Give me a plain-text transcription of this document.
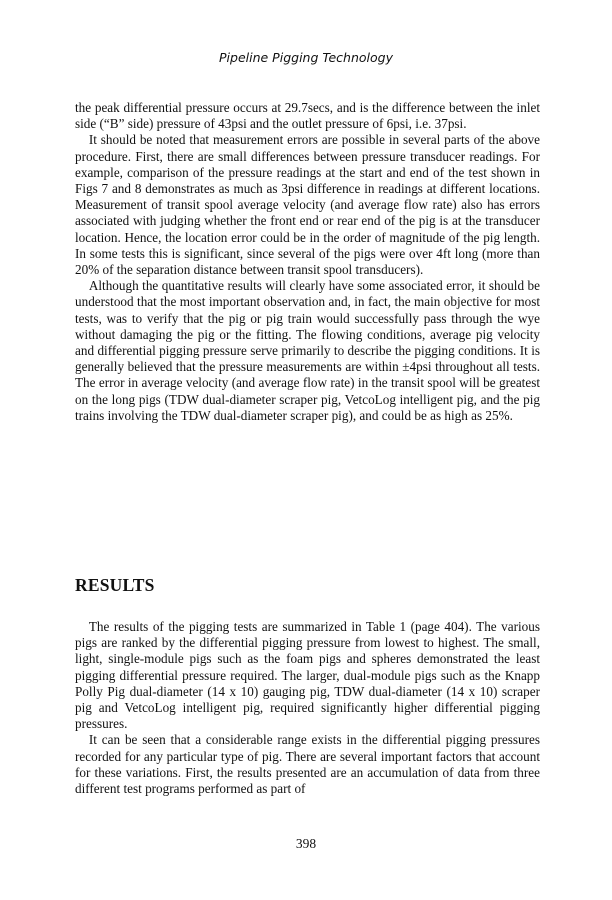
Pipeline Pigging Technology

the peak differential pressure occurs at 29.7secs, and is the difference between the inlet side (“B” side) pressure of 43psi and the outlet pressure of 6psi, i.e. 37psi.

It should be noted that measurement errors are possible in several parts of the above procedure. First, there are small differences between pressure transducer readings. For example, comparison of the pressure readings at the start and end of the test shown in Figs 7 and 8 demonstrates as much as 3psi difference in readings at different locations. Measurement of transit spool average velocity (and average flow rate) also has errors associated with judging whether the front end or rear end of the pig is at the transducer location. Hence, the location error could be in the order of magnitude of the pig length. In some tests this is significant, since several of the pigs were over 4ft long (more than 20% of the separation distance between transit spool transducers).

Although the quantitative results will clearly have some associated error, it should be understood that the most important observation and, in fact, the main objective for most tests, was to verify that the pig or pig train would successfully pass through the wye without damaging the pig or the fitting. The flowing conditions, average pig velocity and differential pigging pressure serve primarily to describe the pigging conditions. It is generally believed that the pressure measurements are within ±4psi throughout all tests. The error in average velocity (and average flow rate) in the transit spool will be greatest on the long pigs (TDW dual-diameter scraper pig, VetcoLog intelligent pig, and the pig trains involving the TDW dual-diameter scraper pig), and could be as high as 25%.

RESULTS

The results of the pigging tests are summarized in Table 1 (page 404). The various pigs are ranked by the differential pigging pressure from lowest to highest. The small, light, single-module pigs such as the foam pigs and spheres demonstrated the least pigging differential pressure required. The larger, dual-module pigs such as the Knapp Polly Pig dual-diameter (14 x 10) gauging pig, TDW dual-diameter (14 x 10) scraper pig and VetcoLog intelligent pig, required significantly higher differential pigging pressures.

It can be seen that a considerable range exists in the differential pigging pressures recorded for any particular type of pig. There are several important factors that account for these variations. First, the results presented are an accumulation of data from three different test programs performed as part of

398
